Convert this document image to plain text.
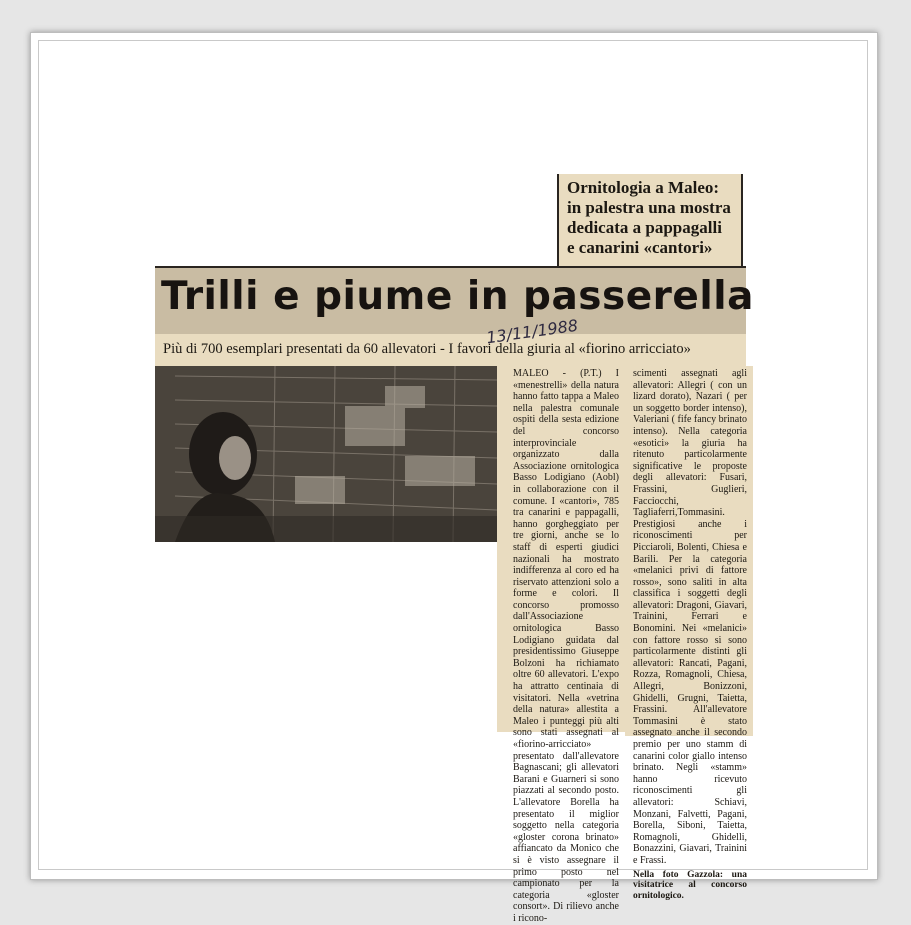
Ornitologia a Maleo:
in palestra una mostra
dedicata a pappagalli
e canarini «cantori»

Trilli e piume in passerella

Più di 700 esemplari presentati da 60 allevatori - I favori della giuria al «fiorino arricciato»

13/11/1988

MALEO - (P.T.) I «menestrelli» della natura hanno fatto tappa a Maleo nella palestra comunale ospiti della sesta edizione del concorso interprovinciale organizzato dalla Associazione ornitologica Basso Lodigiano (Aobl) in collaborazione con il comune. I «cantori», 785 tra canarini e pappagalli, hanno gorgheggiato per tre giorni, anche se lo staff di esperti giudici nazionali ha mostrato indifferenza al coro ed ha riservato attenzioni solo a forme e colori. Il concorso promosso dall'Associazione ornitologica Basso Lodigiano guidata dal presidentissimo Giuseppe Bolzoni ha richiamato oltre 60 allevatori. L'expo ha attratto centinaia di visitatori. Nella «vetrina della natura» allestita a Maleo i punteggi più alti sono stati assegnati al «fiorino-arricciato» presentato dall'allevatore Bagnascani; gli allevatori Barani e Guarneri si sono piazzati al secondo posto. L'allevatore Borella ha presentato il miglior soggetto nella categoria «gloster corona brinato» affiancato da Monico che si è visto assegnare il primo posto nel campionato per la categoria «gloster consort». Di rilievo anche i ricono-

scimenti assegnati agli allevatori: Allegri ( con un lizard dorato), Nazari ( per un soggetto border intenso), Valeriani ( fife fancy brinato intenso). Nella categoria «esotici» la giuria ha ritenuto particolarmente significative le proposte degli allevatori: Fusari, Frassini, Guglieri, Facciocchi, Tagliaferri,Tommasini. Prestigiosi anche i riconoscimenti per Picciaroli, Bolenti, Chiesa e Barili. Per la categoria «melanici privi di fattore rosso», sono saliti in alta classifica i soggetti degli allevatori: Dragoni, Giavari, Trainini, Ferrari e Bonomini. Nei «melanici» con fattore rosso si sono particolarmente distinti gli allevatori: Rancati, Pagani, Rozza, Romagnoli, Chiesa, Allegri, Bonizzoni, Ghidelli, Grugni, Taietta, Frassini. All'allevatore Tommasini è stato assegnato anche il secondo premio per uno stamm di canarini color giallo intenso brinato. Negli «stamm» hanno ricevuto riconoscimenti gli allevatori: Schiavi, Monzani, Falvetti, Pagani, Borella, Siboni, Taietta, Romagnoli, Ghidelli, Bonazzini, Giavari, Trainini e Frassi.

Nella foto Gazzola: una visitatrice al concorso ornitologico.
